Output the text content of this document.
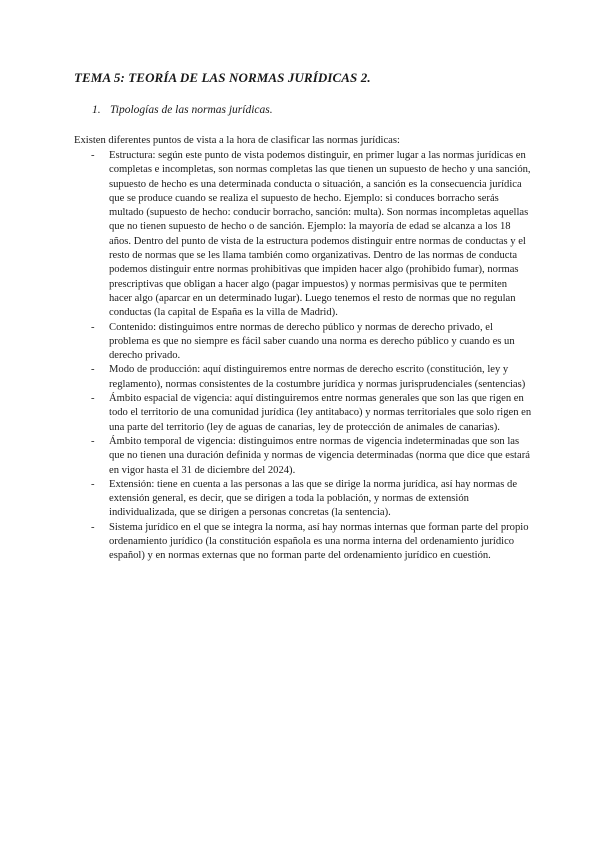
TEMA 5: TEORÍA DE LAS NORMAS JURÍDICAS 2.
1. Tipologías de las normas jurídicas.

Existen diferentes puntos de vista a la hora de clasificar las normas jurídicas:

- Estructura: según este punto de vista podemos distinguir, en primer lugar a las normas jurídicas en completas e incompletas, son normas completas las que tienen un supuesto de hecho y una sanción, supuesto de hecho es una determinada conducta o situación, a sanción es la consecuencia jurídica que se produce cuando se realiza el supuesto de hecho. Ejemplo: si conduces borracho serás multado (supuesto de hecho: conducir borracho, sanción: multa). Son normas incompletas aquellas que no tienen supuesto de hecho o de sanción. Ejemplo: la mayoría de edad se alcanza a los 18 años. Dentro del punto de vista de la estructura podemos distinguir entre normas de conductas y el resto de normas que se les llama también como organizativas. Dentro de las normas de conducta podemos distinguir entre normas prohibitivas que impiden hacer algo (prohibido fumar), normas prescriptivas que obligan a hacer algo (pagar impuestos) y normas permisivas que te permiten hacer algo (aparcar en un determinado lugar). Luego tenemos el resto de normas que no regulan conductas (la capital de España es la villa de Madrid).
- Contenido: distinguimos entre normas de derecho público y normas de derecho privado, el problema es que no siempre es fácil saber cuando una norma es derecho público y cuando es un derecho privado.
- Modo de producción: aquí distinguiremos entre normas de derecho escrito (constitución, ley y reglamento), normas consistentes de la costumbre jurídica y normas jurisprudenciales (sentencias)
- Ámbito espacial de vigencia: aquí distinguiremos entre normas generales que son las que rigen en todo el territorio de una comunidad jurídica (ley antitabaco) y normas territoriales que solo rigen en una parte del territorio (ley de aguas de canarias, ley de protección de animales de canarias).
- Ámbito temporal de vigencia: distinguimos entre normas de vigencia indeterminadas que son las que no tienen una duración definida y normas de vigencia determinadas (norma que dice que estará en vigor hasta el 31 de diciembre del 2024).
- Extensión: tiene en cuenta a las personas a las que se dirige la norma jurídica, así hay normas de extensión general, es decir, que se dirigen a toda la población, y normas de extensión individualizada, que se dirigen a personas concretas (la sentencia).
- Sistema jurídico en el que se integra la norma, así hay normas internas que forman parte del propio ordenamiento jurídico (la constitución española es una norma interna del ordenamiento jurídico español) y en normas externas que no forman parte del ordenamiento jurídico en cuestión.
